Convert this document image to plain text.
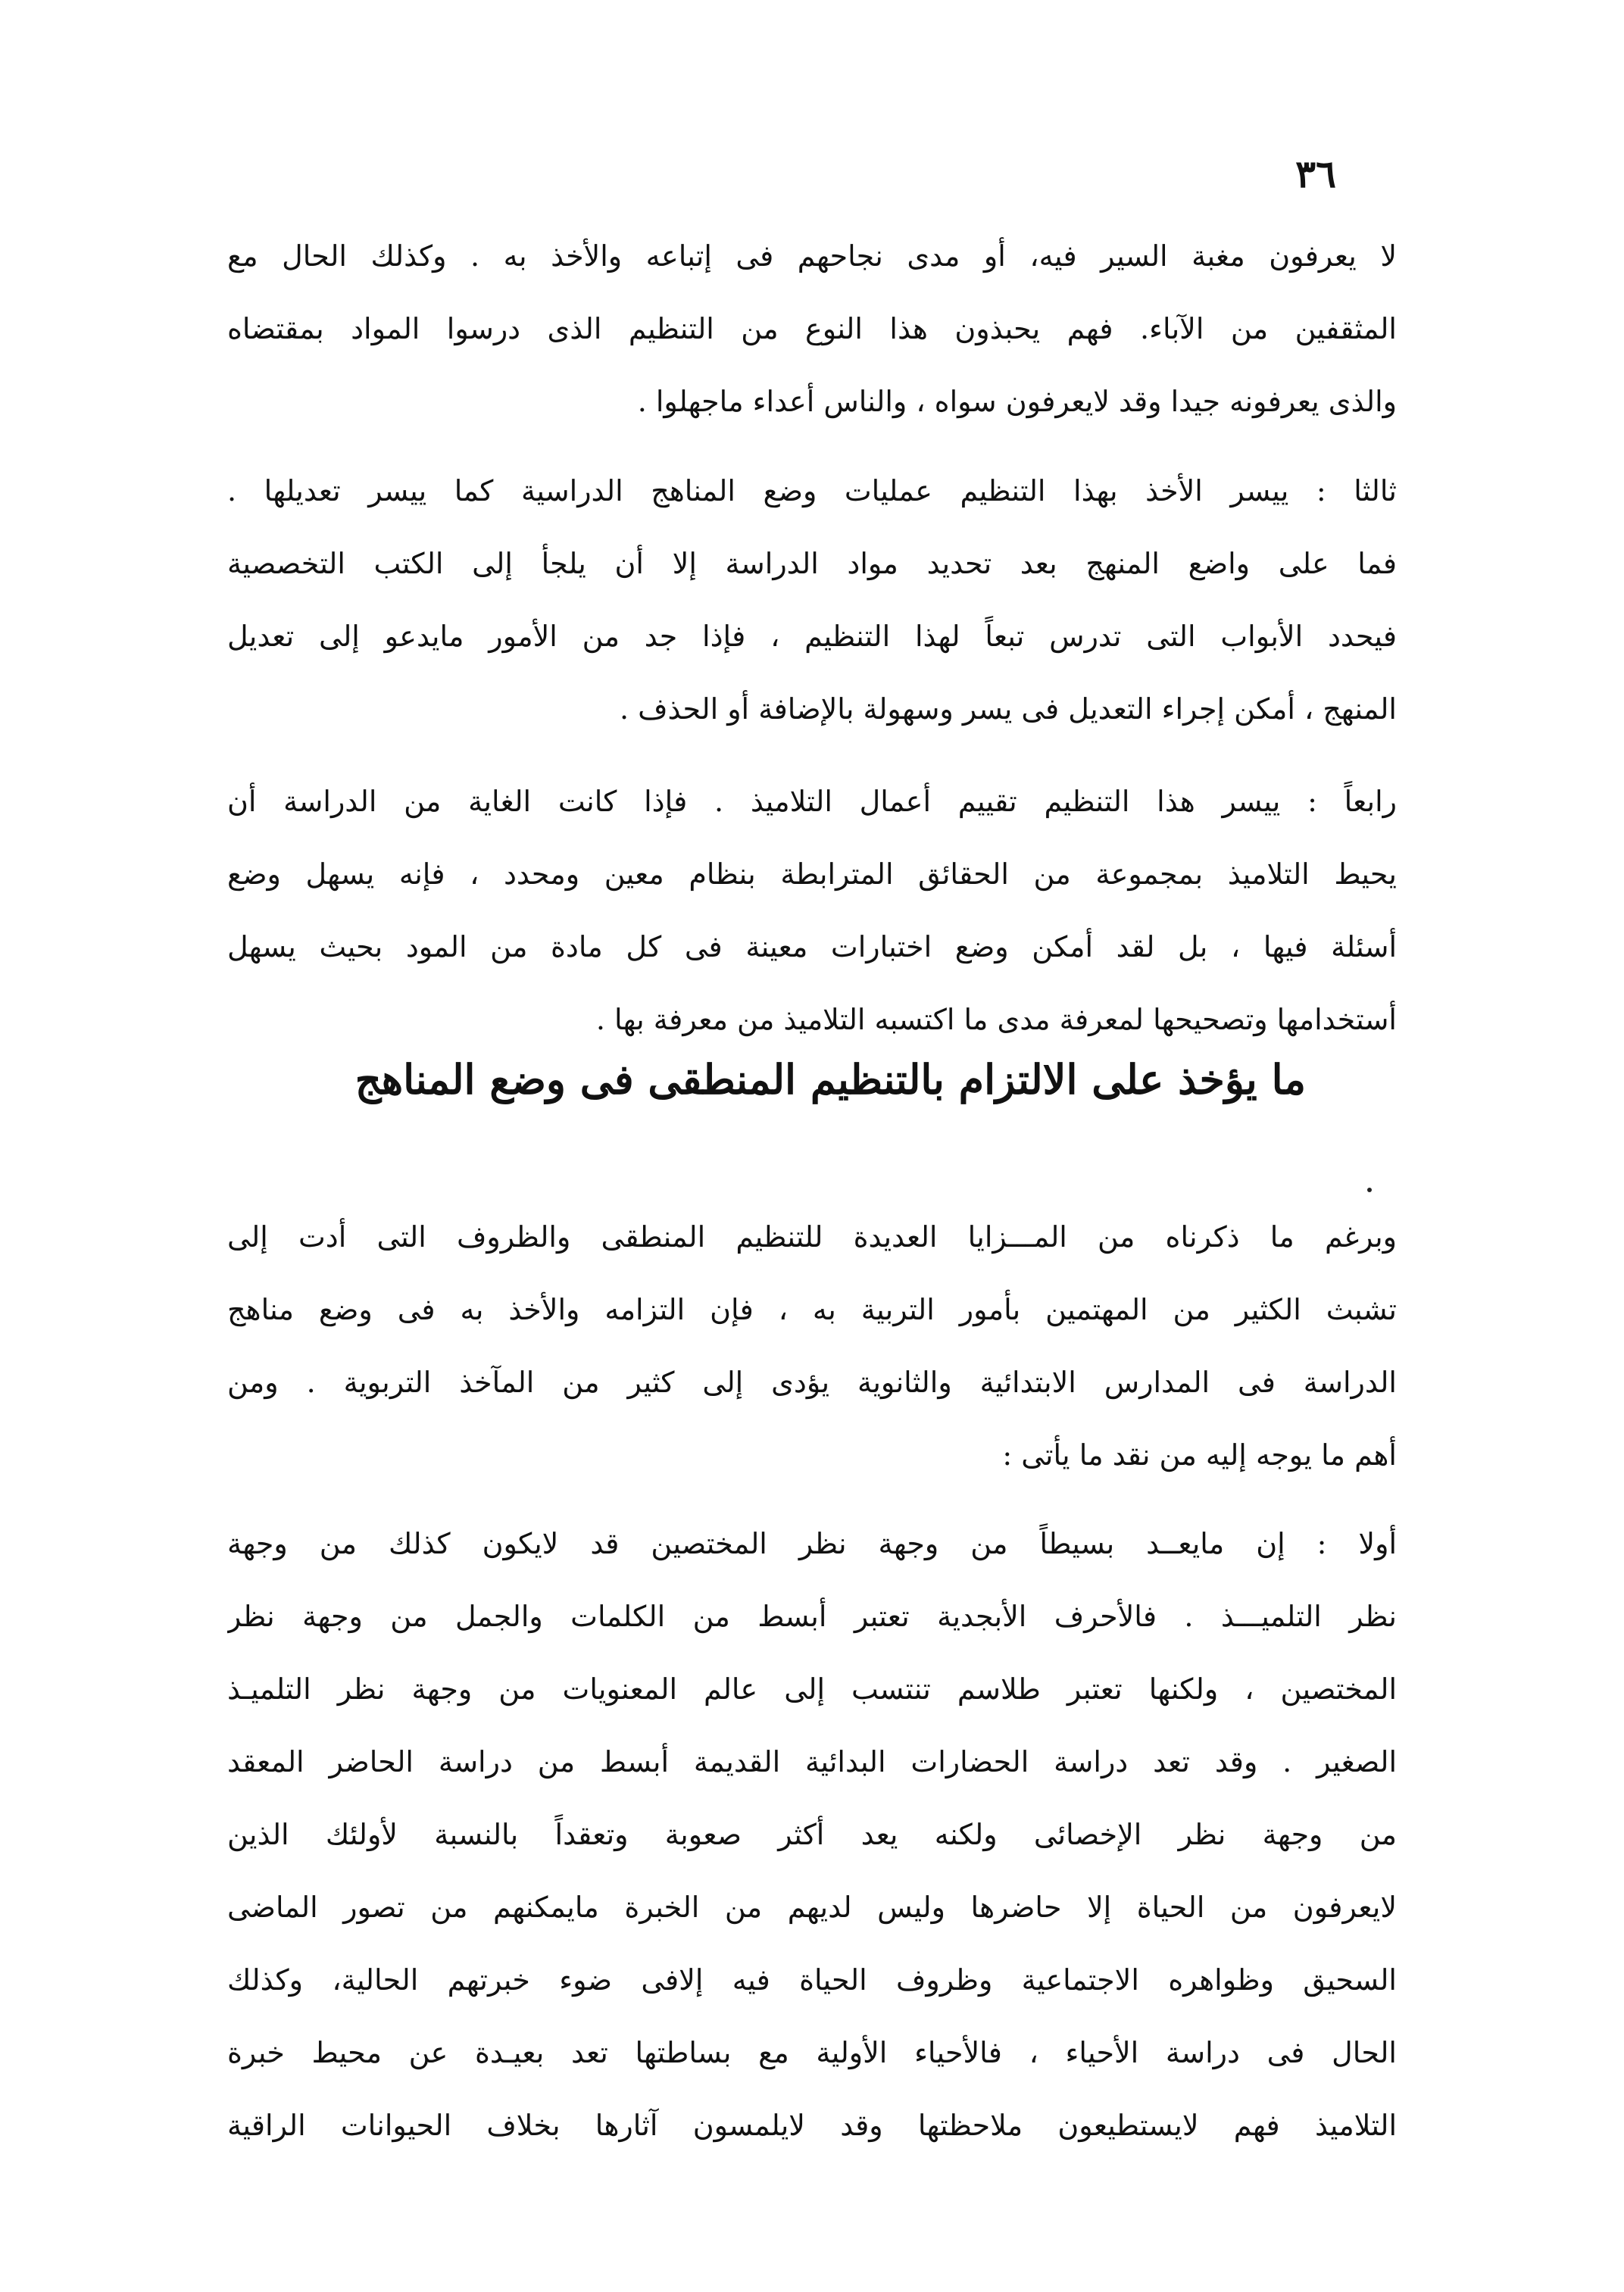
٣٦
لا يعرفون مغبة السير فيه، أو مدى نجاحهم فى إتباعه والأخذ به . وكذلك الحال مع
المثقفين من الآباء. فهم يحبذون هذا النوع من التنظيم الذى درسوا المواد بمقتضاه
والذى يعرفونه جيدا وقد لايعرفون سواه ، والناس أعداء ماجهلوا .
ثالثا : ييسر الأخذ بهذا التنظيم عمليات وضع المناهج الدراسية كما ييسر تعديلها .
فما على واضع المنهج بعد تحديد مواد الدراسة إلا أن يلجأ إلى الكتب التخصصية
فيحدد الأبواب التى تدرس تبعاً لهذا التنظيم ، فإذا جد من الأمور مايدعو إلى تعديل
المنهج ، أمكن إجراء التعديل فى يسر وسهولة بالإضافة أو الحذف .
رابعاً : ييسر هذا التنظيم تقييم أعمال التلاميذ . فإذا كانت الغاية من الدراسة أن
يحيط التلاميذ بمجموعة من الحقائق المترابطة بنظام معين ومحدد ، فإنه يسهل وضع
أسئلة فيها ، بل لقد أمكن وضع اختبارات معينة فى كل مادة من المود بحيث يسهل
أستخدامها وتصحيحها لمعرفة مدى ما اكتسبه التلاميذ من معرفة بها .
ما يؤخذ على الالتزام بالتنظيم المنطقى فى وضع المناهج
وبرغم ما ذكرناه من المـــزايا العديدة للتنظيم المنطقى والظروف التى أدت إلى
تشبث الكثير من المهتمين بأمور التربية به ، فإن التزامه والأخذ به فى وضع مناهج
الدراسة فى المدارس الابتدائية والثانوية يؤدى إلى كثير من المآخذ التربوية . ومن
أهم ما يوجه إليه من نقد ما يأتى :
أولا : إن مايعــد بسيطاً من وجهة نظر المختصين قد لايكون كذلك من وجهة
نظر التلميـــذ . فالأحرف الأبجدية تعتبر أبسط من الكلمات والجمل من وجهة نظر
المختصين ، ولكنها تعتبر طلاسم تنتسب إلى عالم المعنويات من وجهة نظر التلميـذ
الصغير . وقد تعد دراسة الحضارات البدائية القديمة أبسط من دراسة الحاضر المعقد
من وجهة نظر الإخصائى ولكنه يعد أكثر صعوبة وتعقداً بالنسبة لأولئك الذين
لايعرفون من الحياة إلا حاضرها وليس لديهم من الخبرة مايمكنهم من تصور الماضى
السحيق وظواهره الاجتماعية وظروف الحياة فيه إلافى ضوء خبرتهم الحالية، وكذلك
الحال فى دراسة الأحياء ، فالأحياء الأولية مع بساطتها تعد بعيـدة عن محيط خبرة
التلاميذ فهم لايستطيعون ملاحظتها وقد لايلمسون آثارها بخلاف الحيوانات الراقية
